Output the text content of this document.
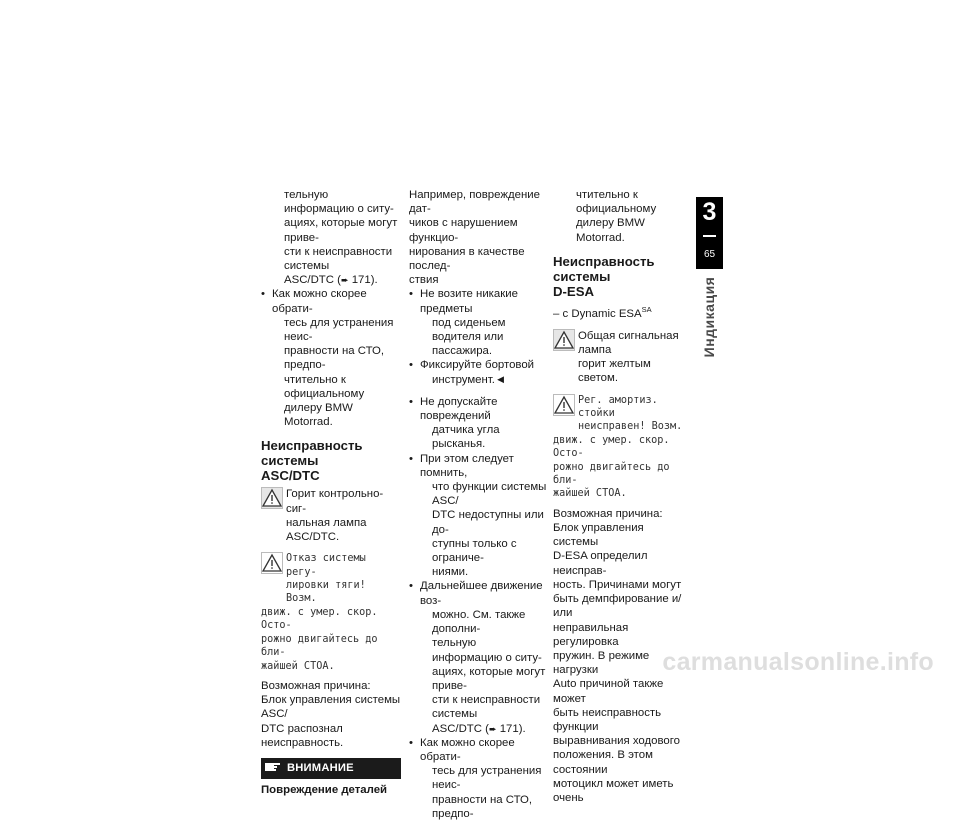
тельную информацию о ситу-
ациях, которые могут приве-
сти к неисправности системы
ASC/DTC (➨ 171).
• Как можно скорее обрати-
тесь для устранения неис-
правности на СТО, предпо-
чтительно к официальному
дилеру BMW Motorrad.
Неисправность системы
ASC/DTC
Горит контрольно-сиг-
нальная лампа ASC/DTC.
Отказ системы регу-
лировки тяги! Возм.
движ. с умер. скор. Осто-
рожно двигайтесь до бли-
жайшей СТОА.
Возможная причина:
Блок управления системы ASC/
DTC распознал неисправность.
ВНИМАНИЕ
Повреждение деталей
Например, повреждение дат-
чиков с нарушением функцио-
нирования в качестве послед-
ствия
• Не возите никакие предметы
под сиденьем водителя или
пассажира.
• Фиксируйте бортовой
инструмент.◄
• Не допускайте повреждений
датчика угла рысканья.
• При этом следует помнить,
что функции системы ASC/
DTC недоступны или до-
ступны только с ограниче-
ниями.
• Дальнейшее движение воз-
можно. См. также дополни-
тельную информацию о ситу-
ациях, которые могут приве-
сти к неисправности системы
ASC/DTC (➨ 171).
• Как можно скорее обрати-
тесь для устранения неис-
правности на СТО, предпо-
чтительно к официальному
дилеру BMW Motorrad.
Неисправность системы
D-ESA
– с Dynamic $ESA^{SA}$
Общая сигнальная лампа
горит желтым светом.
Рег. амортиз. стойки
неисправен! Возм.
движ. с умер. скор. Осто-
рожно двигайтесь до бли-
жайшей СТОА.
Возможная причина:
Блок управления системы
D-ESA определил неисправ-
ность. Причинами могут
быть демпфирование и/или
неправильная регулировка
пружин. В режиме нагрузки
Auto причиной также может
быть неисправность функции
выравнивания ходового
положения. В этом состоянии
мотоцикл может иметь очень
3
65
Индикация
carmanualsonline.info
